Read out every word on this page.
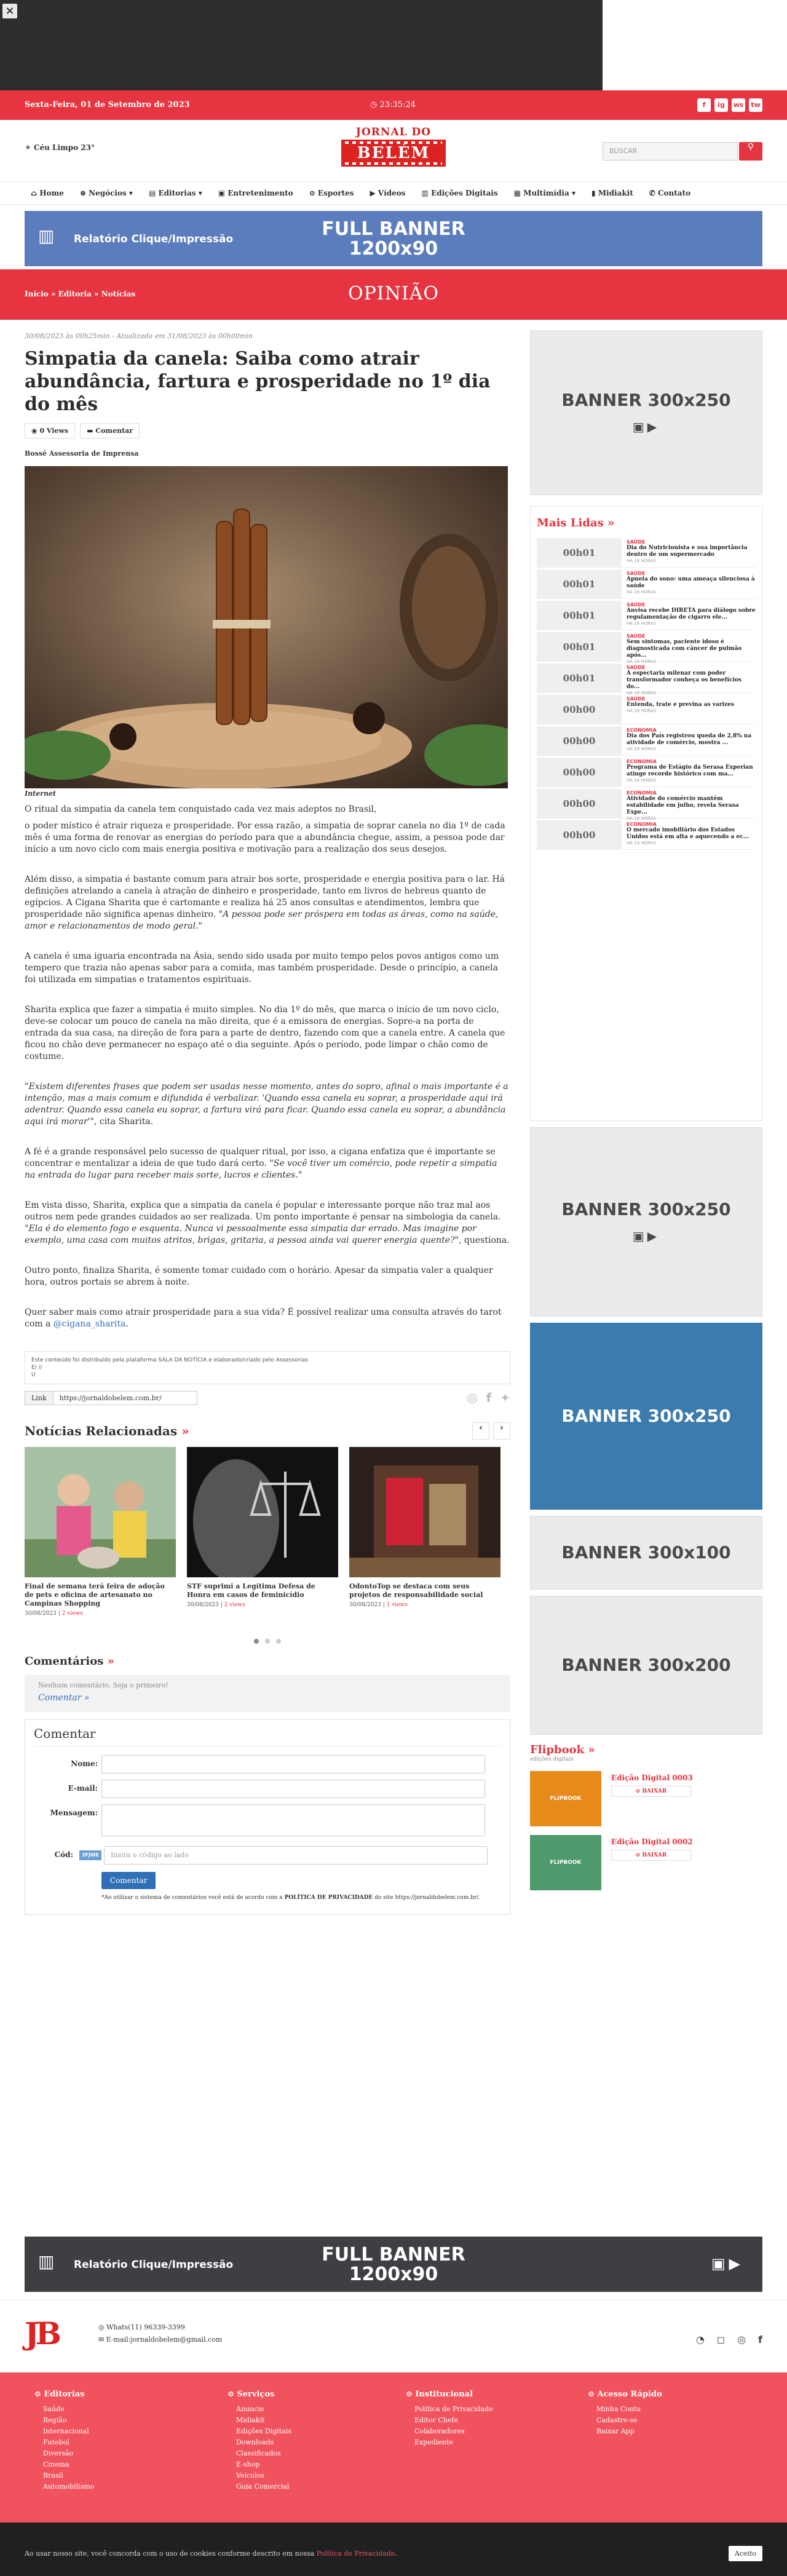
×
Sexta-Feira, 01 de Setembro de 2023	◷ 23:35:24	f	ig	ws tw
☀ Céu Limpo 23°
JORNAL DO
BELÉM	BUSCAR	⚲
⌂ Home ⊕ Negócios ▾ ▤ Editorias ▾ ▣ Entretenimento ⊙ Esportes ▶ Vídeos ▥ Edições Digitais ▦ Multimídia ▾ ▮ Midiakit ✆ Contato
▥	Relatório Clique/Impressão	FULL BANNER
1200x90
Início » Editoria » Notícias	OPINIÃO
30/08/2023 às 00h25min - Atualizada em 31/08/2023 às 00h00min
Simpatia da canela: Saiba como atrair abundância, fartura e prosperidade no 1º dia do mês
◉ 0 Views	▬ Comentar
Bossé Assessoria de Imprensa
Internet

O ritual da simpatia da canela tem conquistado cada vez mais adeptos no Brasil,

o poder místico é atrair riqueza e prosperidade. Por essa razão, a simpatia de soprar canela no dia 1º de cada mês é uma forma de renovar as energias do período para que a abundância chegue, assim, a pessoa pode dar início a um novo ciclo com mais energia positiva e motivação para a realização dos seus desejos.

Além disso, a simpatia é bastante comum para atrair bos sorte, prosperidade e energia positiva para o lar. Há definições atrelando a canela à atração de dinheiro e prosperidade, tanto em livros de hebreus quanto de egípcios. A Cigana Sharita que é cartomante e realiza há 25 anos consultas e atendimentos, lembra que prosperidade não significa apenas dinheiro. "A pessoa pode ser próspera em todas as áreas, como na saúde, amor e relacionamentos de modo geral."

A canela é uma iguaria encontrada na Ásia, sendo sido usada por muito tempo pelos povos antigos como um tempero que trazia não apenas sabor para a comida, mas também prosperidade. Desde o princípio, a canela foi utilizada em simpatias e tratamentos espirituais.

Sharita explica que fazer a simpatia é muito simples. No dia 1º do mês, que marca o início de um novo ciclo, deve-se colocar um pouco de canela na mão direita, que é a emissora de energias. Sopre-a na porta de entrada da sua casa, na direção de fora para a parte de dentro, fazendo com que a canela entre. A canela que ficou no chão deve permanecer no espaço até o dia seguinte. Após o período, pode limpar o chão como de costume.

"Existem diferentes frases que podem ser usadas nesse momento, antes do sopro, afinal o mais importante é a intenção, mas a mais comum e difundida é verbalizar. 'Quando essa canela eu soprar, a prosperidade aqui irá adentrar. Quando essa canela eu soprar, a fartura virá para ficar. Quando essa canela eu soprar, a abundância aqui irá morar'", cita Sharita.

A fé é a grande responsável pelo sucesso de qualquer ritual, por isso, a cigana enfatiza que é importante se concentrar e mentalizar a ideia de que tudo dará certo. "Se você tiver um comércio, pode repetir a simpatia na entrada do lugar para receber mais sorte, lucros e clientes."

Em vista disso, Sharita, explica que a simpatia da canela é popular e interessante porque não traz mal aos outros nem pede grandes cuidados ao ser realizada. Um ponto importante é pensar na simbologia da canela. "Ela é do elemento fogo e esquenta. Nunca vi pessoalmente essa simpatia dar errado. Mas imagine por exemplo, uma casa com muitos atritos, brigas, gritaria, a pessoa ainda vai querer energia quente?", questiona.

Outro ponto, finaliza Sharita, é somente tomar cuidado com o horário. Apesar da simpatia valer a qualquer hora, outros portais se abrem à noite.

Quer saber mais como atrair prosperidade para a sua vida? É possível realizar uma consulta através do tarot com a @cigana_sharita.

Este conteúdo foi distribuído pela plataforma SALA DA NOTÍCIA e elaborado/criado pelo Assessorias
E/ //
U
Link	https://jornaldobelem.com.br/	◎ f ✦
Notícias Relacionadas »	‹	›
Final de semana terá feira de adoção de pets e oficina de artesanato no Campinas Shopping
30/08/2023 | 2 views
STF suprimi a Legítima Defesa de Honra em casos de feminicídio
30/08/2023 | 2 views
OdontoTop se destaca com seus projetos de responsabilidade social
30/08/2023 | 1 views
Comentários »
Nenhum comentário, Seja o primeiro!
Comentar »
Comentar
Nome:
E-mail:
Mensagem:
Cód:	3FJWE	Insira o código ao lado
Comentar
*Ao utilizar o sistema de comentários você está de acordo com a POLÍTICA DE PRIVACIDADE do site https://jornaldobelem.com.br/.
BANNER 300x250
▣▶
Mais Lidas »
00h01
SAÚDE
Dia do Nutricionista e sua importância dentro de um supermercado
HÁ 18 HORAS
00h01
SAÚDE
Apneia do sono: uma ameaça silenciosa à saúde
HÁ 18 HORAS
00h01
SAÚDE
Anvisa recebe DIRETA para diálogo sobre regulamentação de cigarro ele...
HÁ 18 HORAS
00h01
SAÚDE
Sem sintomas, paciente idoso é diagnosticada com câncer de pulmão após...
HÁ 18 HORAS
00h01
SAÚDE
A espectaria milenar com poder transformador conheça os benefícios do...
HÁ 18 HORAS
00h00
SAÚDE
Entenda, trate e previna as varizes
HÁ 18 HORAS
00h00
ECONOMIA
Dia dos País registrou queda de 2,8% na atividade de comércio, mostra ...
HÁ 18 HORAS
00h00
ECONOMIA
Programa de Estágio da Serasa Experian atinge recorde histórico com ma...
HÁ 18 HORAS
00h00
ECONOMIA
Atividade do comércio mantém estabilidade em julho, revela Serasa Expe...
HÁ 18 HORAS
00h00
ECONOMIA
O mercado imobiliário dos Estados Unidos está em alta e aquecendo a ec...
HÁ 18 HORAS
BANNER 300x250
▣▶
BANNER 300x250
BANNER 300x100
BANNER 300x200
Flipbook »
edições digitais
FLIPBOOK
Edição Digital 0003
⊙ BAIXAR
FLIPBOOK
Edição Digital 0002
⊙ BAIXAR
▥	Relatório Clique/Impressão	FULL BANNER
1200x90	▣▶
JB	◎ Whats(11) 96339-3399
✉ E-mail:jornaldobelem@gmail.com	◔ ◻ ◎ f
⊙ Editorias
Saúde
Região
Internacional
Futebol
Diversão
Cinema
Brasil
Automobilismo
⊙ Serviços
Anuncie
Midiakit
Edições Digitais
Downloads
Classificados
E-shop
Veículos
Guia Comercial
⊙ Institucional
Política de Privacidade
Editor Chefe
Colaboradores
Expediente
⊙ Acesso Rápido
Minha Conta
Cadastre-se
Baixar App
Ao usar nosso site, você concorda com o uso de cookies conforme descrito em nossa Política de Privacidade.	Aceito
